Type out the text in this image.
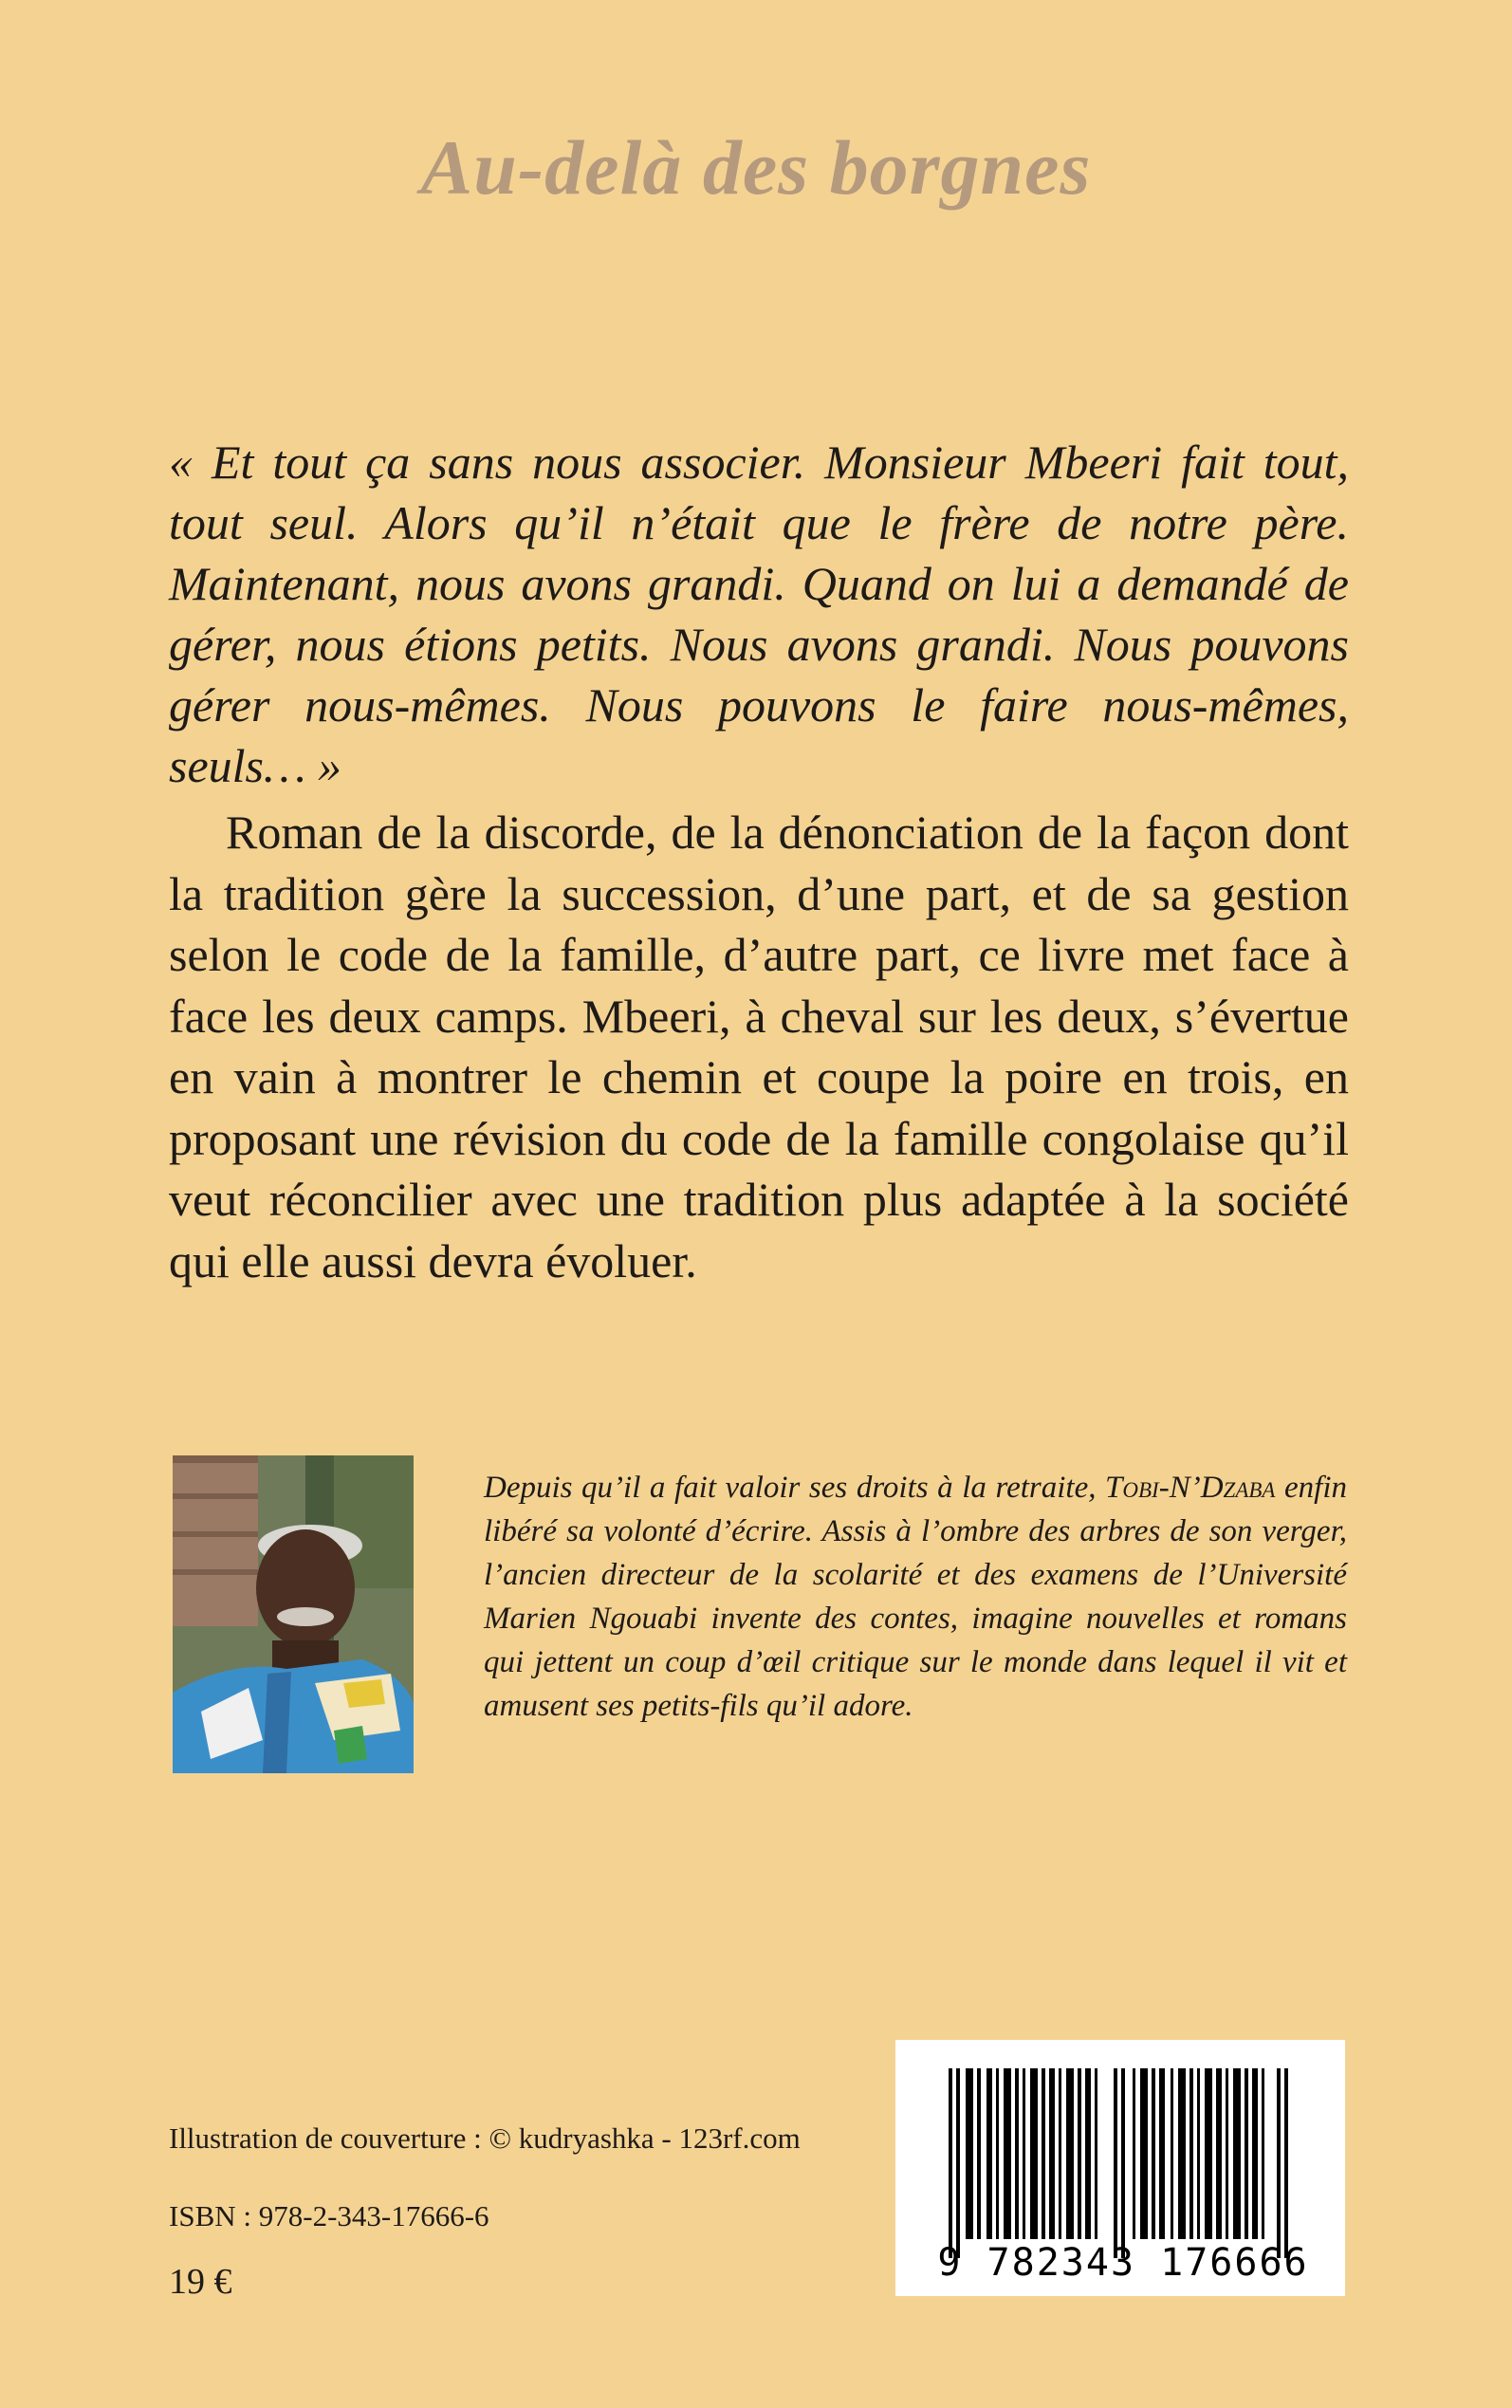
Au-delà des borgnes

« Et tout ça sans nous associer. Monsieur Mbeeri fait tout, tout seul. Alors qu’il n’était que le frère de notre père. Maintenant, nous avons grandi. Quand on lui a demandé de gérer, nous étions petits. Nous avons grandi. Nous pouvons gérer nous-mêmes. Nous pouvons le faire nous-mêmes, seuls… »

Roman de la discorde, de la dénonciation de la façon dont la tradition gère la succession, d’une part, et de sa gestion selon le code de la famille, d’autre part, ce livre met face à face les deux camps. Mbeeri, à cheval sur les deux, s’évertue en vain à montrer le chemin et coupe la poire en trois, en proposant une révision du code de la famille congolaise qu’il veut réconcilier avec une tradition plus adaptée à la société qui elle aussi devra évoluer.

Depuis qu’il a fait valoir ses droits à la retraite, Tobi-N’Dzaba enfin libéré sa volonté d’écrire. Assis à l’ombre des arbres de son verger, l’ancien directeur de la scolarité et des examens de l’Université Marien Ngouabi invente des contes, imagine nouvelles et romans qui jettent un coup d’œil critique sur le monde dans lequel il vit et amusent ses petits-fils qu’il adore.

Illustration de couverture : © kudryashka - 123rf.com
ISBN : 978-2-343-17666-6
19 €	9 782343 176666
